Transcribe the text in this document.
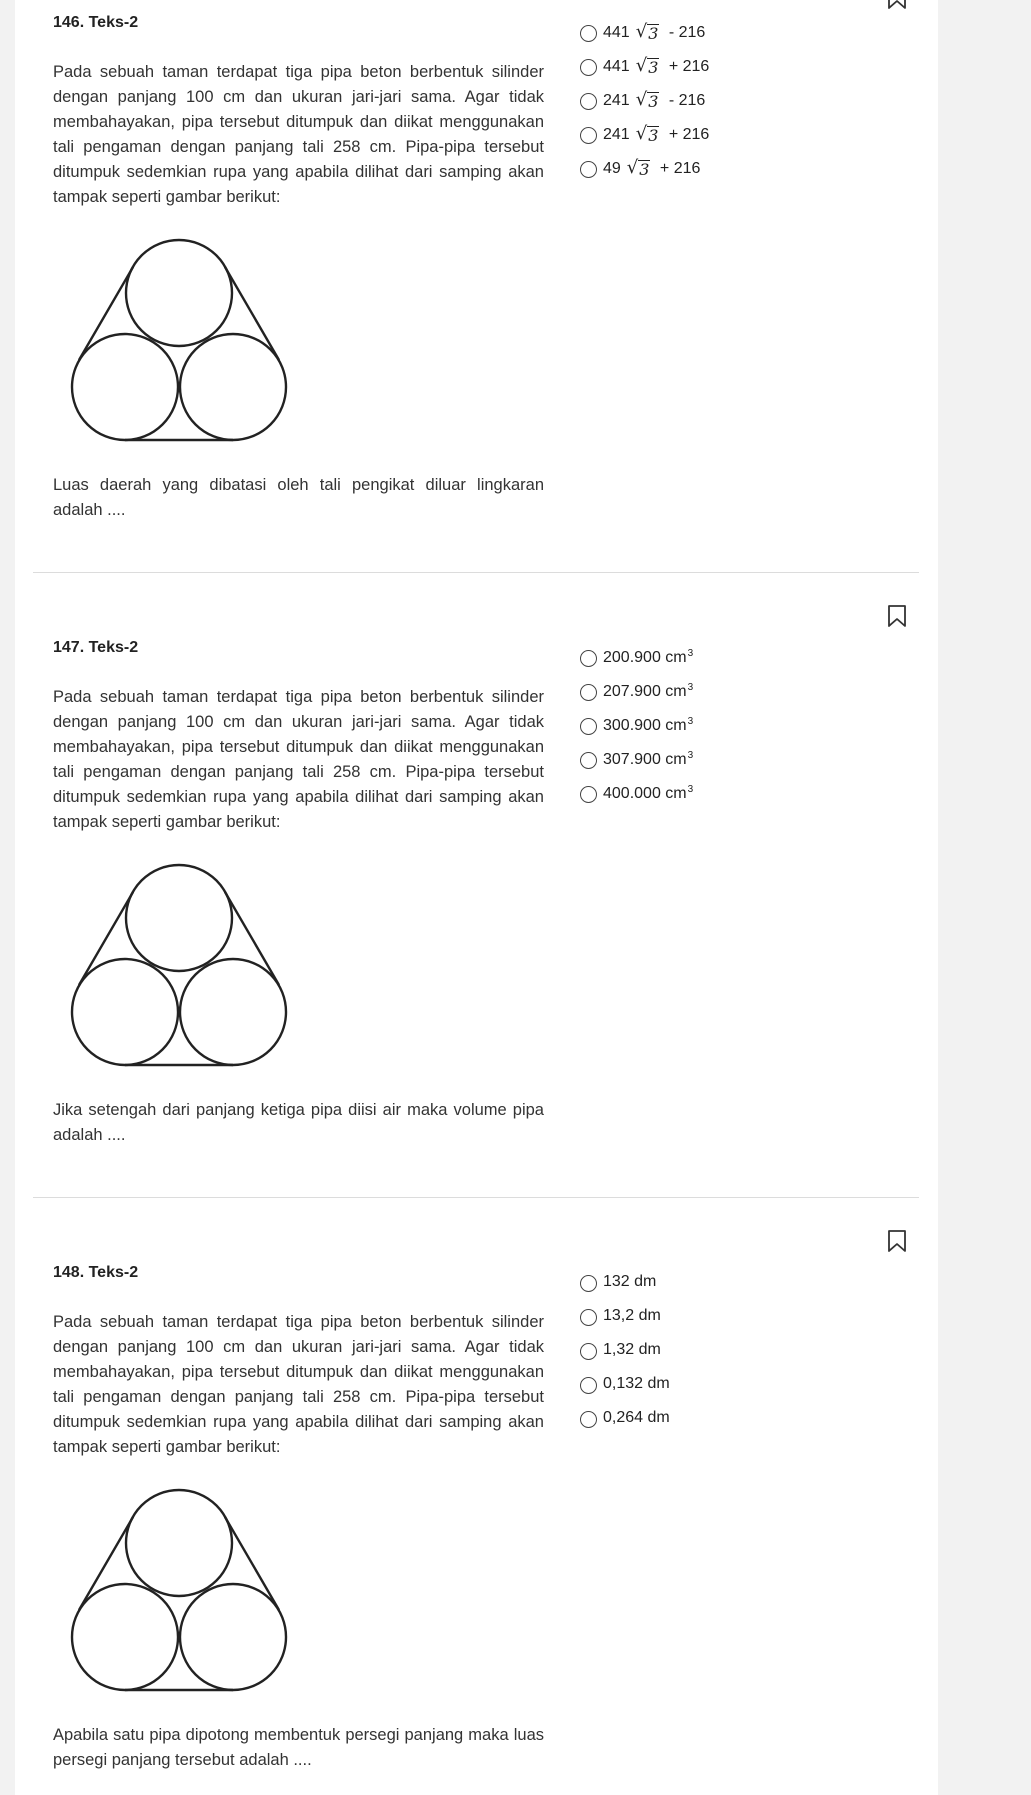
146. Teks-2
Pada sebuah taman terdapat tiga pipa beton berbentuk silinder dengan panjang 100 cm dan ukuran jari-jari sama. Agar tidak membahayakan, pipa tersebut ditumpuk dan diikat menggunakan tali pengaman dengan panjang tali 258 cm. Pipa-pipa tersebut ditumpuk sedemkian rupa yang apabila dilihat dari samping akan tampak seperti gambar berikut:
Luas daerah yang dibatasi oleh tali pengikat diluar lingkaran adalah ....
441 √ 3 - 216
441 √ 3 + 216
241 √ 3 - 216
241 √ 3 + 216
49 √ 3 + 216
147. Teks-2
Pada sebuah taman terdapat tiga pipa beton berbentuk silinder dengan panjang 100 cm dan ukuran jari-jari sama. Agar tidak membahayakan, pipa tersebut ditumpuk dan diikat menggunakan tali pengaman dengan panjang tali 258 cm. Pipa-pipa tersebut ditumpuk sedemkian rupa yang apabila dilihat dari samping akan tampak seperti gambar berikut:
Jika setengah dari panjang ketiga pipa diisi air maka volume pipa adalah ....
200.900 $cm^3$
207.900 $cm^3$
300.900 $cm^3$
307.900 $cm^3$
400.000 $cm^3$
148. Teks-2
Pada sebuah taman terdapat tiga pipa beton berbentuk silinder dengan panjang 100 cm dan ukuran jari-jari sama. Agar tidak membahayakan, pipa tersebut ditumpuk dan diikat menggunakan tali pengaman dengan panjang tali 258 cm. Pipa-pipa tersebut ditumpuk sedemkian rupa yang apabila dilihat dari samping akan tampak seperti gambar berikut:
Apabila satu pipa dipotong membentuk persegi panjang maka luas persegi panjang tersebut adalah ....
132 dm
13,2 dm
1,32 dm
0,132 dm
0,264 dm
